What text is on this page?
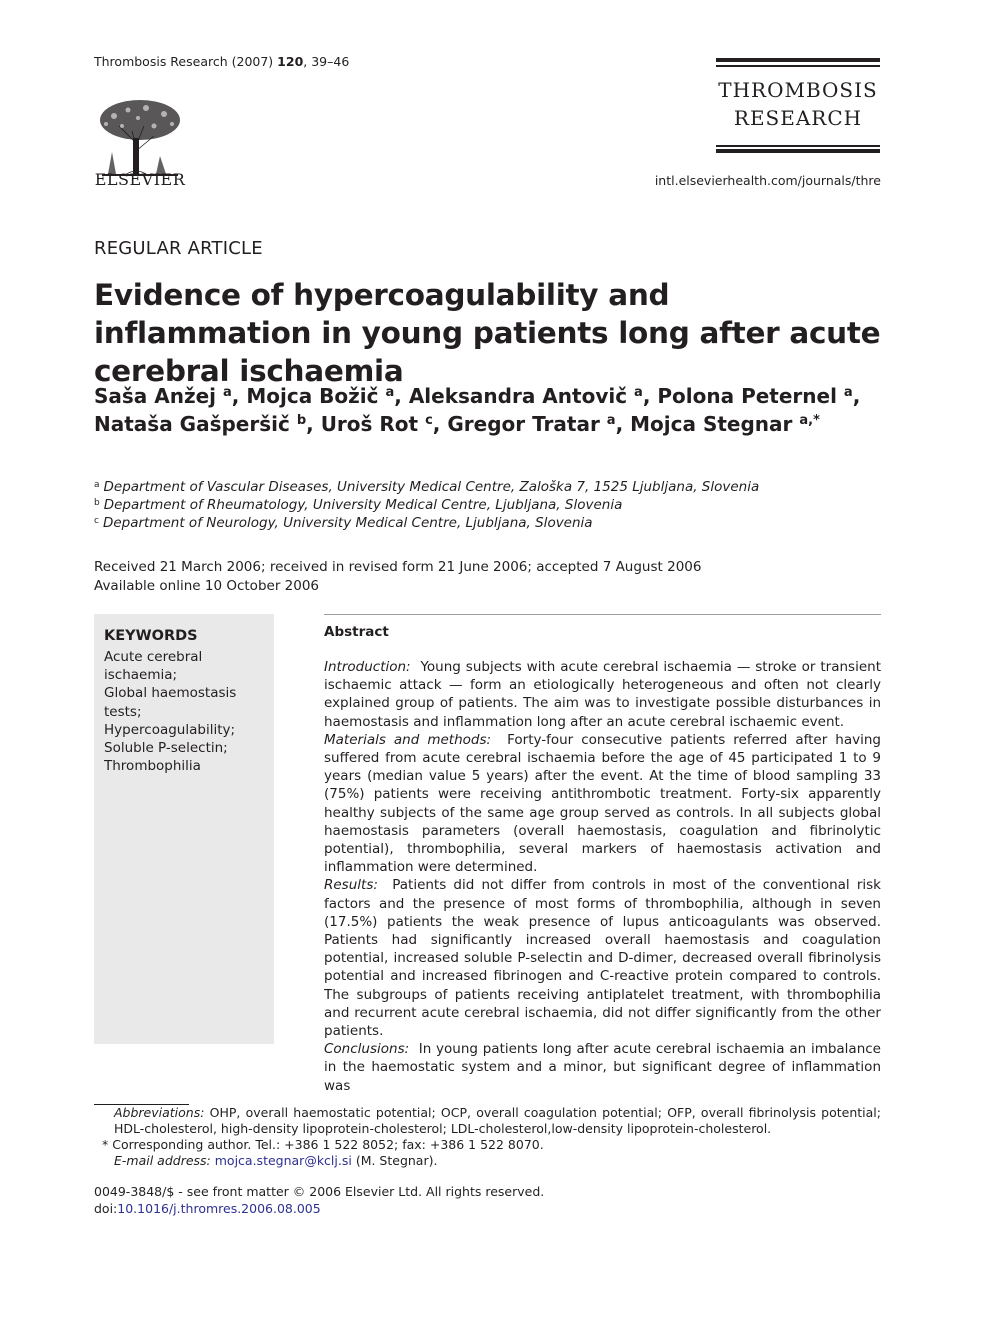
Thrombosis Research (2007) 120, 39–46
ELSEVIER
THROMBOSIS
RESEARCH
intl.elsevierhealth.com/journals/thre
REGULAR ARTICLE
Evidence of hypercoagulability and inflammation in young patients long after acute cerebral ischaemia
Saša Anžej $^a$, Mojca Božič $^a$, Aleksandra Antovič $^a$, Polona Peternel $^a$, Nataša Gašperšič $^b$, Uroš Rot $^c$, Gregor Tratar $^a$, Mojca Stegnar $^{a,*}$
$^a$ Department of Vascular Diseases, University Medical Centre, Zaloška 7, 1525 Ljubljana, Slovenia
$^b$ Department of Rheumatology, University Medical Centre, Ljubljana, Slovenia
$^c$ Department of Neurology, University Medical Centre, Ljubljana, Slovenia
Received 21 March 2006; received in revised form 21 June 2006; accepted 7 August 2006
Available online 10 October 2006
KEYWORDS
Acute cerebral ischaemia;
Global haemostasis tests;
Hypercoagulability;
Soluble P-selectin;
Thrombophilia
Abstract

Introduction: Young subjects with acute cerebral ischaemia — stroke or transient ischaemic attack — form an etiologically heterogeneous and often not clearly explained group of patients. The aim was to investigate possible disturbances in haemostasis and inflammation long after an acute cerebral ischaemic event.

Materials and methods: Forty-four consecutive patients referred after having suffered from acute cerebral ischaemia before the age of 45 participated 1 to 9 years (median value 5 years) after the event. At the time of blood sampling 33 (75%) patients were receiving antithrombotic treatment. Forty-six apparently healthy subjects of the same age group served as controls. In all subjects global haemostasis parameters (overall haemostasis, coagulation and fibrinolytic potential), thrombophilia, several markers of haemostasis activation and inflammation were determined.

Results: Patients did not differ from controls in most of the conventional risk factors and the presence of most forms of thrombophilia, although in seven (17.5%) patients the weak presence of lupus anticoagulants was observed. Patients had significantly increased overall haemostasis and coagulation potential, increased soluble P-selectin and D-dimer, decreased overall fibrinolysis potential and increased fibrinogen and C-reactive protein compared to controls. The subgroups of patients receiving antiplatelet treatment, with thrombophilia and recurrent acute cerebral ischaemia, did not differ significantly from the other patients.

Conclusions: In young patients long after acute cerebral ischaemia an imbalance in the haemostatic system and a minor, but significant degree of inflammation was

Abbreviations: OHP, overall haemostatic potential; OCP, overall coagulation potential; OFP, overall fibrinolysis potential; HDL-cholesterol, high-density lipoprotein-cholesterol; LDL-cholesterol,low-density lipoprotein-cholesterol.

* Corresponding author. Tel.: +386 1 522 8052; fax: +386 1 522 8070.

E-mail address: mojca.stegnar@kclj.si (M. Stegnar).

0049-3848/$ - see front matter © 2006 Elsevier Ltd. All rights reserved.
doi:10.1016/j.thromres.2006.08.005
